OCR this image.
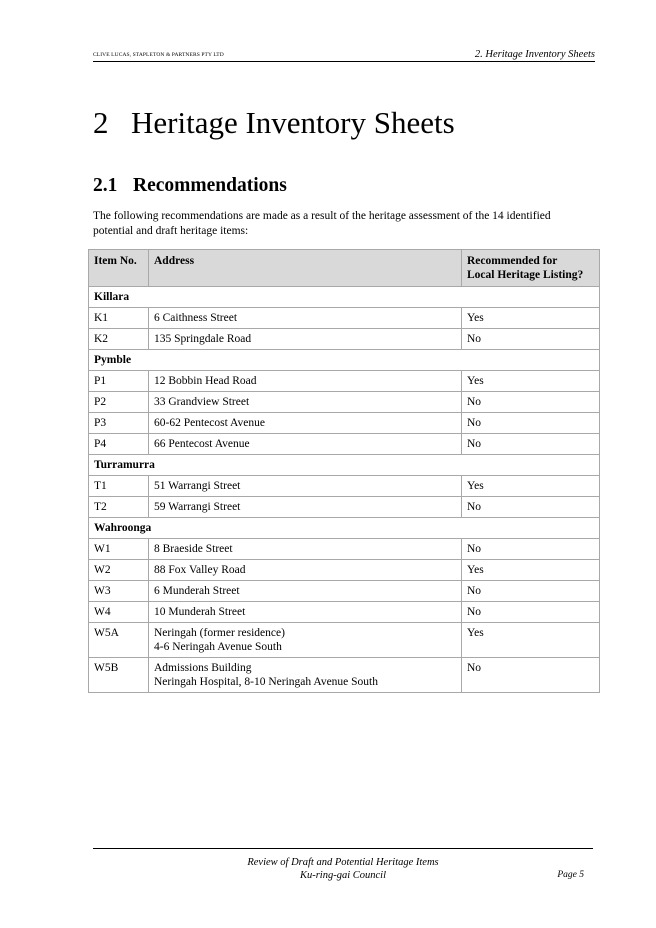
CLIVE LUCAS, STAPLETON & PARTNERS PTY LTD	2. Heritage Inventory Sheets
2 Heritage Inventory Sheets
2.1 Recommendations

The following recommendations are made as a result of the heritage assessment of the 14 identified potential and draft heritage items:

Item No.	Address	Recommended for
Local Heritage Listing?
Killara		
K1	6 Caithness Street	Yes
K2	135 Springdale Road	No
Pymble		
P1	12 Bobbin Head Road	Yes
P2	33 Grandview Street	No
P3	60-62 Pentecost Avenue	No
P4	66 Pentecost Avenue	No
Turramurra		
T1	51 Warrangi Street	Yes
T2	59 Warrangi Street	No
Wahroonga		
W1	8 Braeside Street	No
W2	88 Fox Valley Road	Yes
W3	6 Munderah Street	No
W4	10 Munderah Street	No
W5A	Neringah (former residence)
4-6 Neringah Avenue South	Yes
W5B	Admissions Building
Neringah Hospital, 8-10 Neringah Avenue South	No
Review of Draft and Potential Heritage Items
Ku-ring-gai Council	Page 5
